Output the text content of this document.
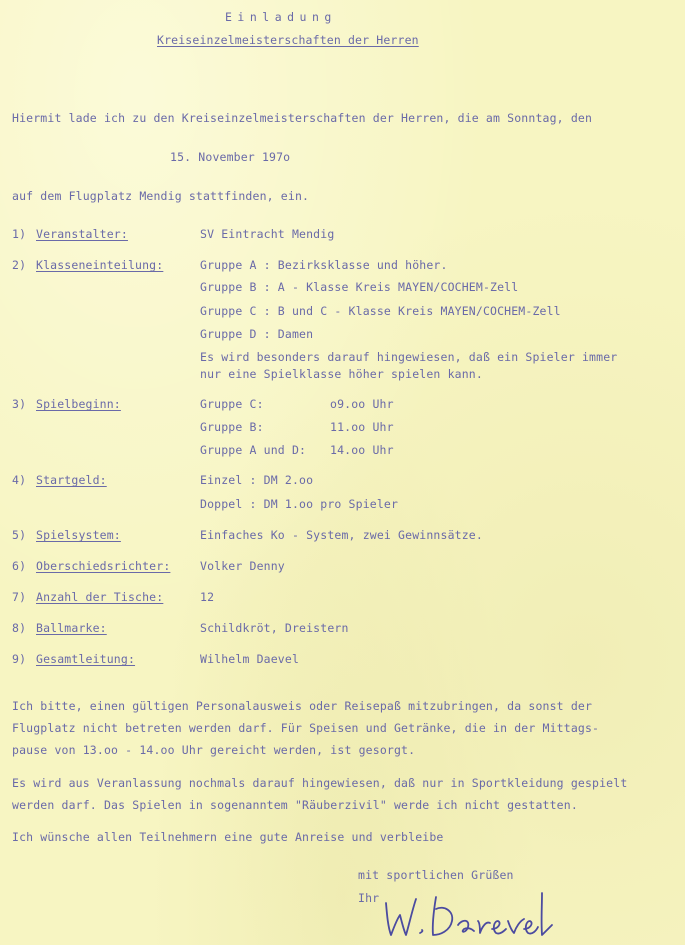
Einladung
Kreiseinzelmeisterschaften der Herren
Hiermit lade ich zu den Kreiseinzelmeisterschaften der Herren, die am Sonntag, den
15. November 197o
auf dem Flugplatz Mendig stattfinden, ein.
1) Veranstalter:	SV Eintracht Mendig
2) Klasseneinteilung:	Gruppe A : Bezirksklasse und höher.
Gruppe B : A - Klasse Kreis MAYEN/COCHEM-Zell
Gruppe C : B und C - Klasse Kreis MAYEN/COCHEM-Zell
Gruppe D : Damen
Es wird besonders darauf hingewiesen, daß ein Spieler immer
nur eine Spielklasse höher spielen kann.
3) Spielbeginn:	Gruppe C:	o9.oo Uhr
Gruppe B:	11.oo Uhr
Gruppe A und D: 14.oo Uhr
4) Startgeld:	Einzel : DM 2.oo
Doppel : DM 1.oo pro Spieler
5) Spielsystem:	Einfaches Ko - System, zwei Gewinnsätze.
6) Oberschiedsrichter:	Volker Denny
7) Anzahl der Tische:	12
8) Ballmarke:	Schildkröt, Dreistern
9) Gesamtleitung:	Wilhelm Daevel
Ich bitte, einen gültigen Personalausweis oder Reisepaß mitzubringen, da sonst der
Flugplatz nicht betreten werden darf. Für Speisen und Getränke, die in der Mittags-
pause von 13.oo - 14.oo Uhr gereicht werden, ist gesorgt.
Es wird aus Veranlassung nochmals darauf hingewiesen, daß nur in Sportkleidung gespielt
werden darf. Das Spielen in sogenanntem "Räuberzivil" werde ich nicht gestatten.
Ich wünsche allen Teilnehmern eine gute Anreise und verbleibe
mit sportlichen Grüßen
Ihr
